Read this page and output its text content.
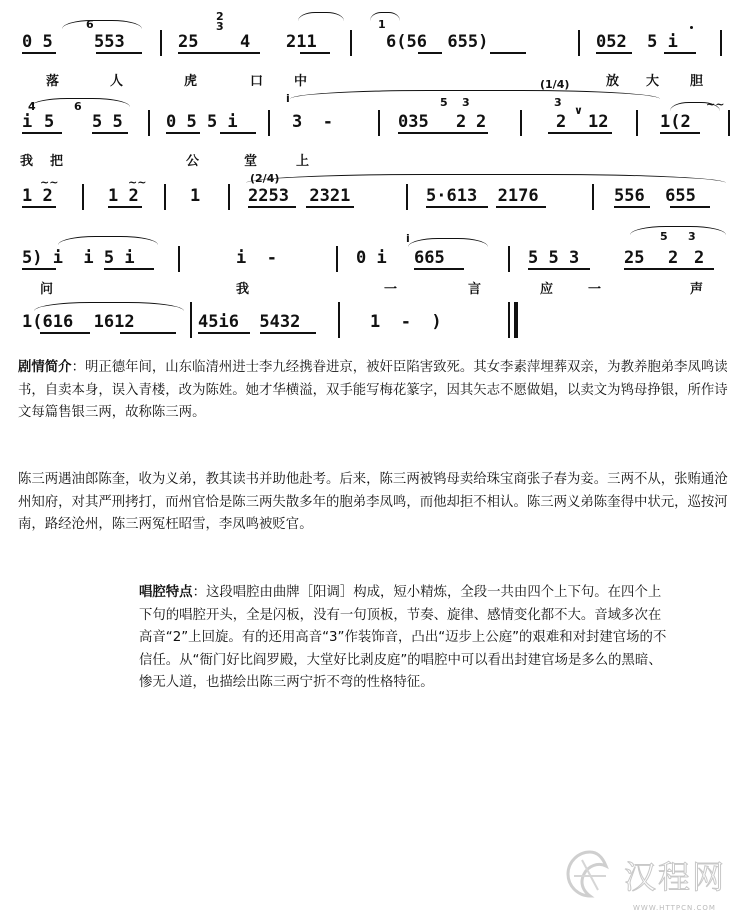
0 5
6
553	25
2
3
4 211
1
6(56  655)	052  5 i
落	人	虎	口 中	放 大 胆
(1/4)
4
i 5
6
5 5	0 5 5 i
i
3  -	035
5 3
2 2
3
2
∨
12
~~
1(2
我 把	公	堂	上
(2/4)
~~
1 2
~~
1 2	1	2253  2321	5·613  2176	556  655
5) i  i 5 i	i  -	0 i
i
665	5 5 3	25
5 3
2 2
问	我	一	言	应	一	声
1(616  1612	45i6  5432	1  -  )
剧情简介：明正德年间，山东临清州进士李九经携眷进京，被奸臣陷害致死。其女李素萍埋葬双亲，为教养胞弟李凤鸣读书，自卖本身，误入青楼，改为陈姓。她才华横溢，双手能写梅花篆字，因其矢志不愿做娼，以卖文为鸨母挣银，所作诗文每篇售银三两，故称陈三两。
陈三两遇油郎陈奎，收为义弟，教其读书并助他赴考。后来，陈三两被鸨母卖给珠宝商张子春为妾。三两不从，张贿通沧州知府，对其严刑拷打，而州官恰是陈三两失散多年的胞弟李凤鸣，而他却拒不相认。陈三两义弟陈奎得中状元，巡按河南，路经沧州，陈三两冤枉昭雪，李凤鸣被贬官。
唱腔特点：这段唱腔由曲牌［阳调］构成，短小精炼，全段一共由四个上下句。在四个上下句的唱腔开头，全是闪板，没有一句顶板，节奏、旋律、感情变化都不大。音域多次在高音“2”上回旋。有的还用高音“3”作装饰音，凸出“迈步上公庭”的艰难和对封建官场的不信任。从“衙门好比阎罗殿，大堂好比剥皮庭”的唱腔中可以看出封建官场是多么的黑暗、惨无人道，也描绘出陈三两宁折不弯的性格特征。
汉程网
WWW.HTTPCN.COM
